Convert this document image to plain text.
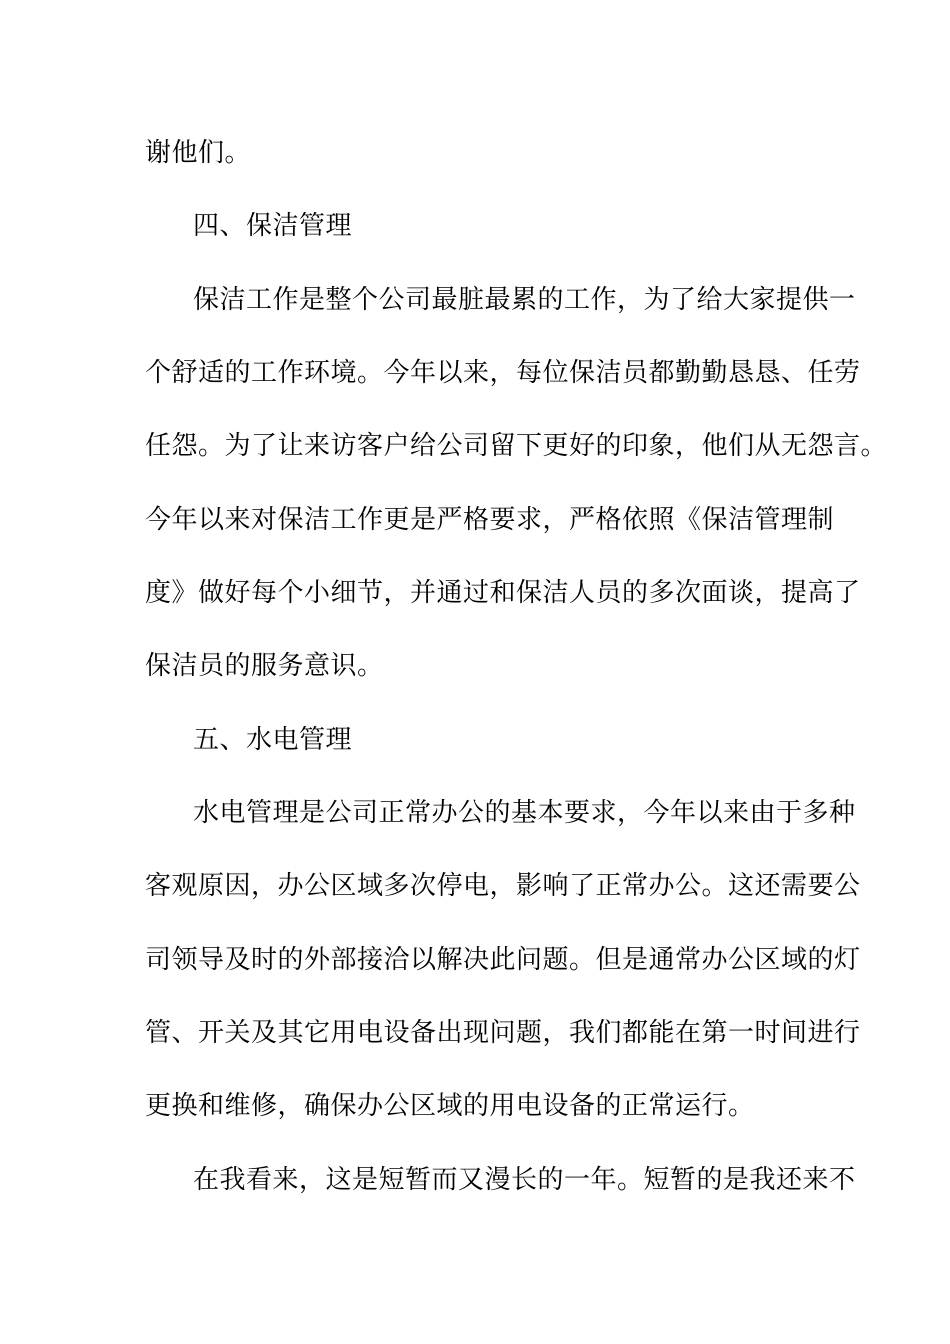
谢他们。
四、保洁管理
保洁工作是整个公司最脏最累的工作，为了给大家提供一
个舒适的工作环境。今年以来，每位保洁员都勤勤恳恳、任劳
任怨。为了让来访客户给公司留下更好的印象，他们从无怨言。
今年以来对保洁工作更是严格要求，严格依照《保洁管理制
度》做好每个小细节，并通过和保洁人员的多次面谈，提高了
保洁员的服务意识。
五、水电管理
水电管理是公司正常办公的基本要求，今年以来由于多种
客观原因，办公区域多次停电，影响了正常办公。这还需要公
司领导及时的外部接洽以解决此问题。但是通常办公区域的灯
管、开关及其它用电设备出现问题，我们都能在第一时间进行
更换和维修，确保办公区域的用电设备的正常运行。
在我看来，这是短暂而又漫长的一年。短暂的是我还来不
